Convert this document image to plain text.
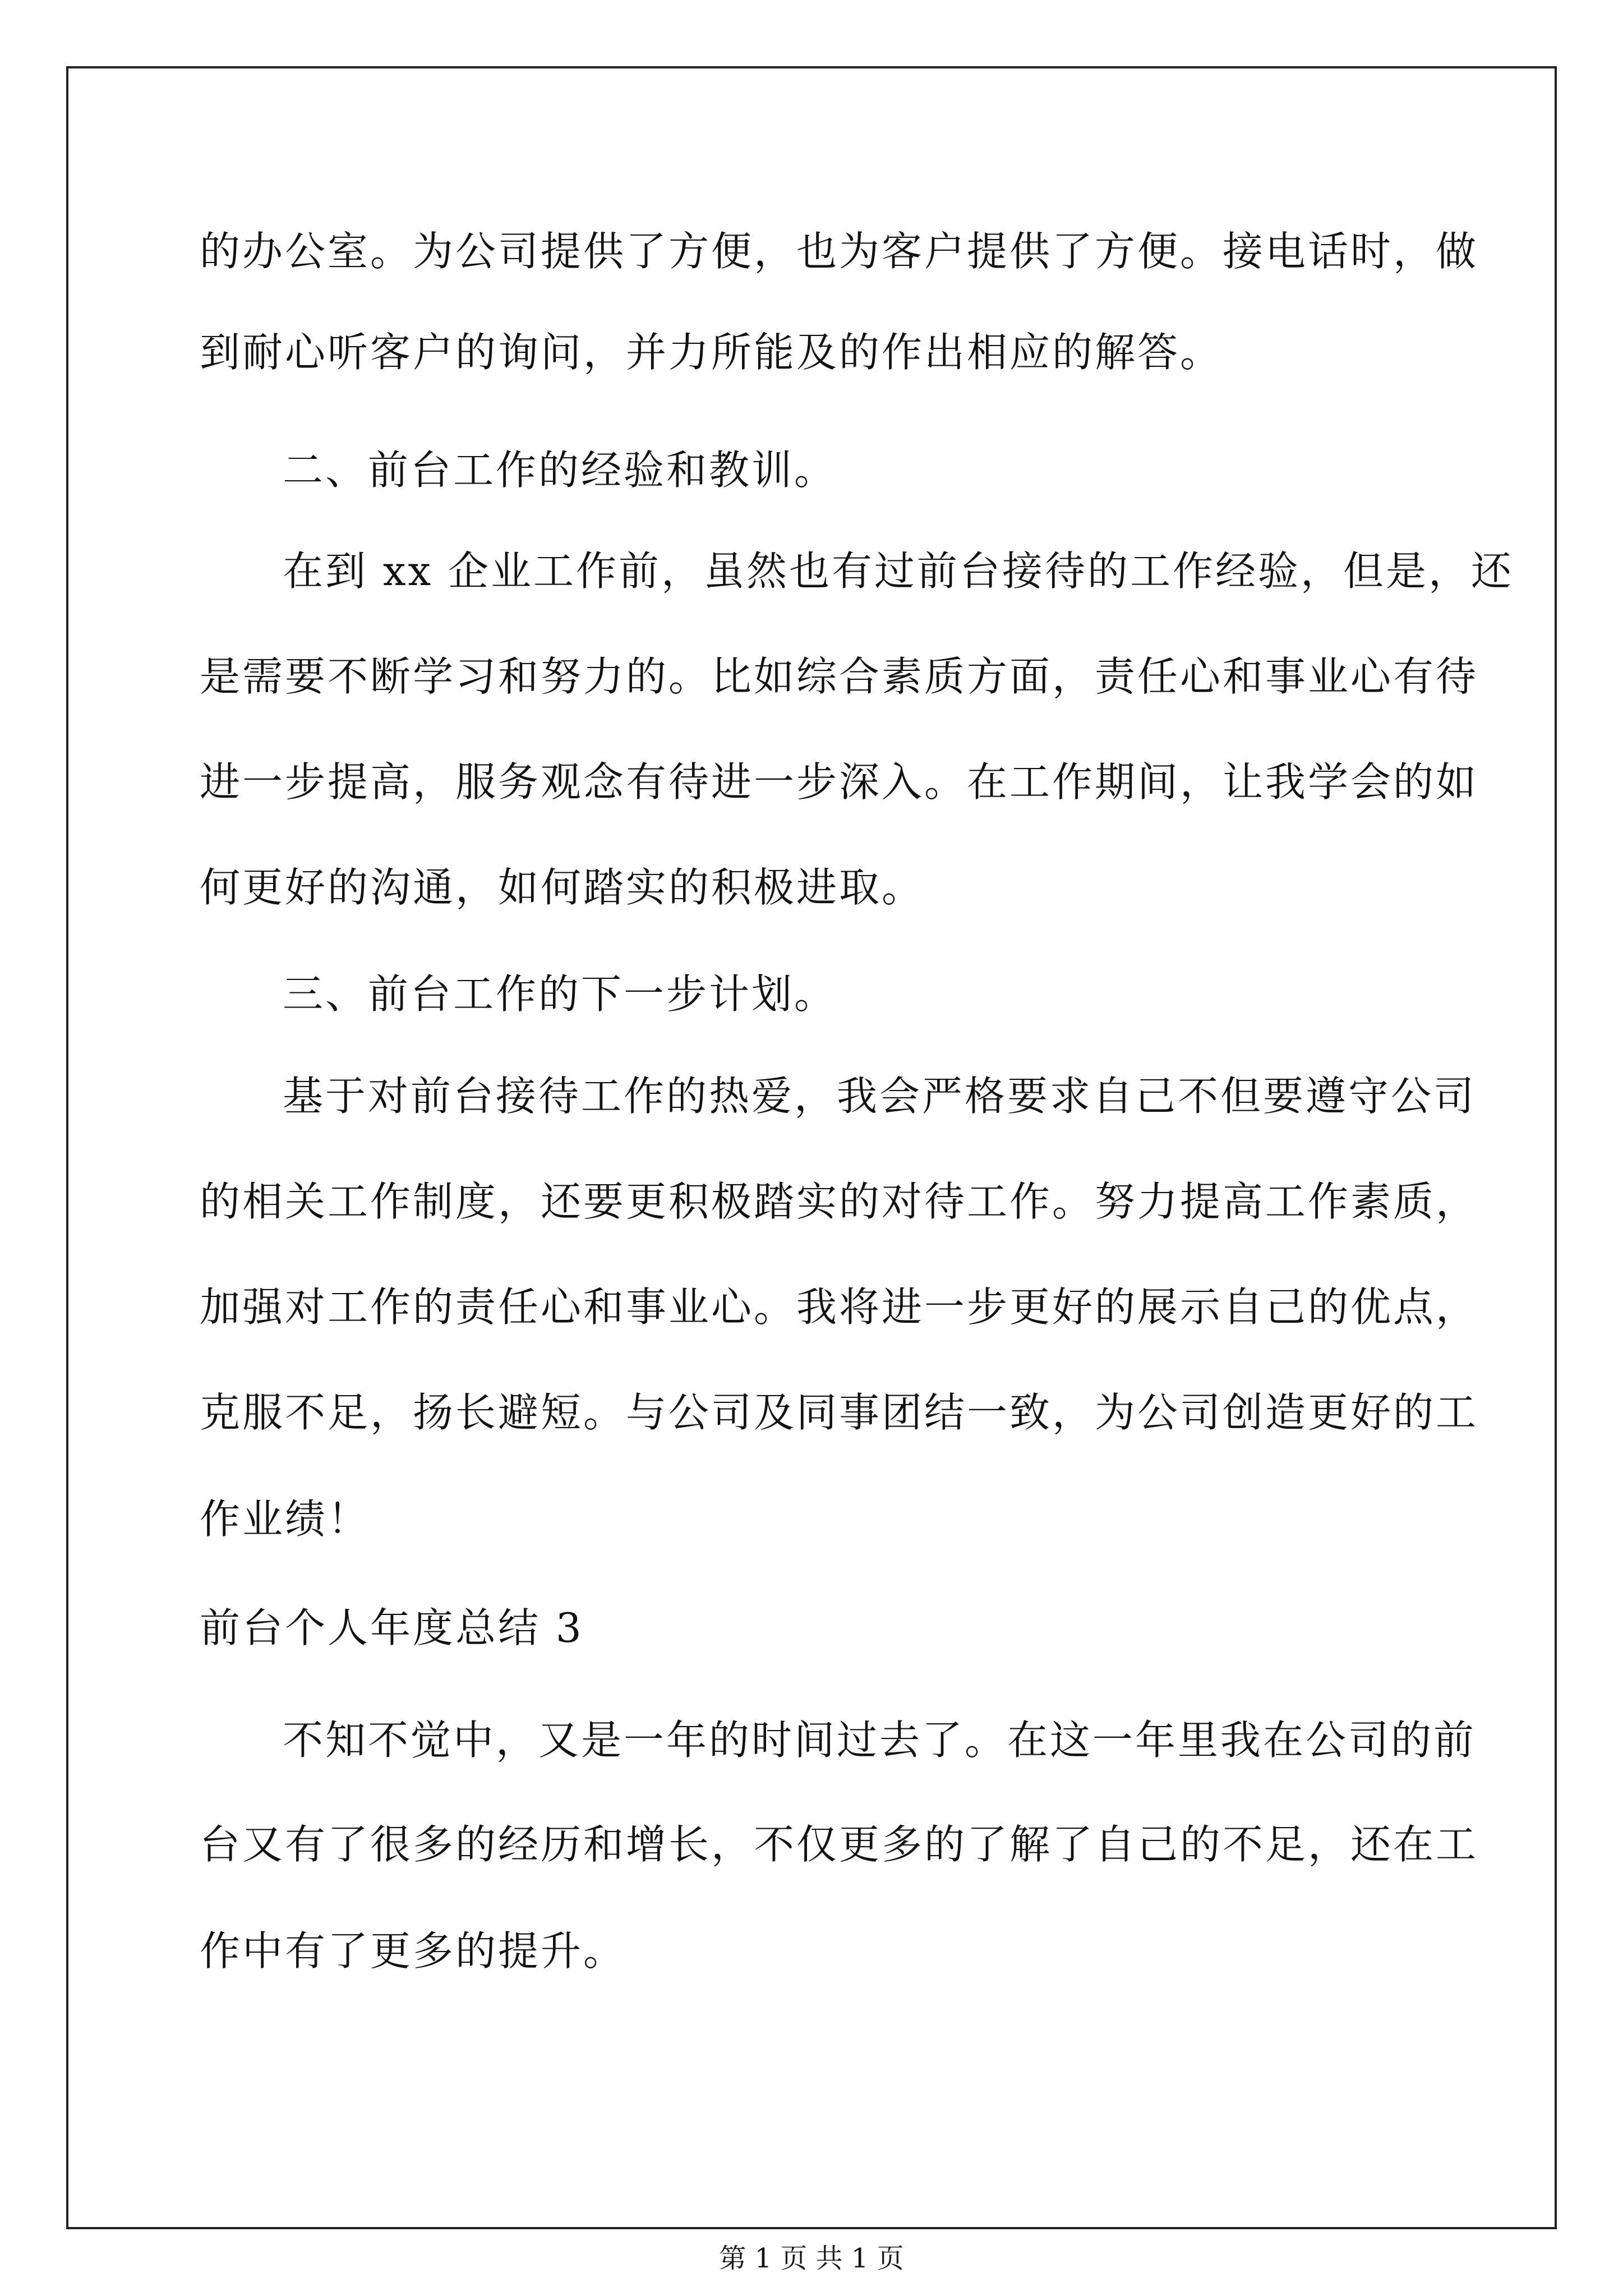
的办公室。为公司提供了方便，也为客户提供了方便。接电话时，做
到耐心听客户的询问，并力所能及的作出相应的解答。
二、前台工作的经验和教训。
在到 xx 企业工作前，虽然也有过前台接待的工作经验，但是，还
是需要不断学习和努力的。比如综合素质方面，责任心和事业心有待
进一步提高，服务观念有待进一步深入。在工作期间，让我学会的如
何更好的沟通，如何踏实的积极进取。
三、前台工作的下一步计划。
基于对前台接待工作的热爱，我会严格要求自己不但要遵守公司
的相关工作制度，还要更积极踏实的对待工作。努力提高工作素质，
加强对工作的责任心和事业心。我将进一步更好的展示自己的优点，
克服不足，扬长避短。与公司及同事团结一致，为公司创造更好的工
作业绩！
前台个人年度总结 3
不知不觉中，又是一年的时间过去了。在这一年里我在公司的前
台又有了很多的经历和增长，不仅更多的了解了自己的不足，还在工
作中有了更多的提升。
第 1 页 共 1 页
